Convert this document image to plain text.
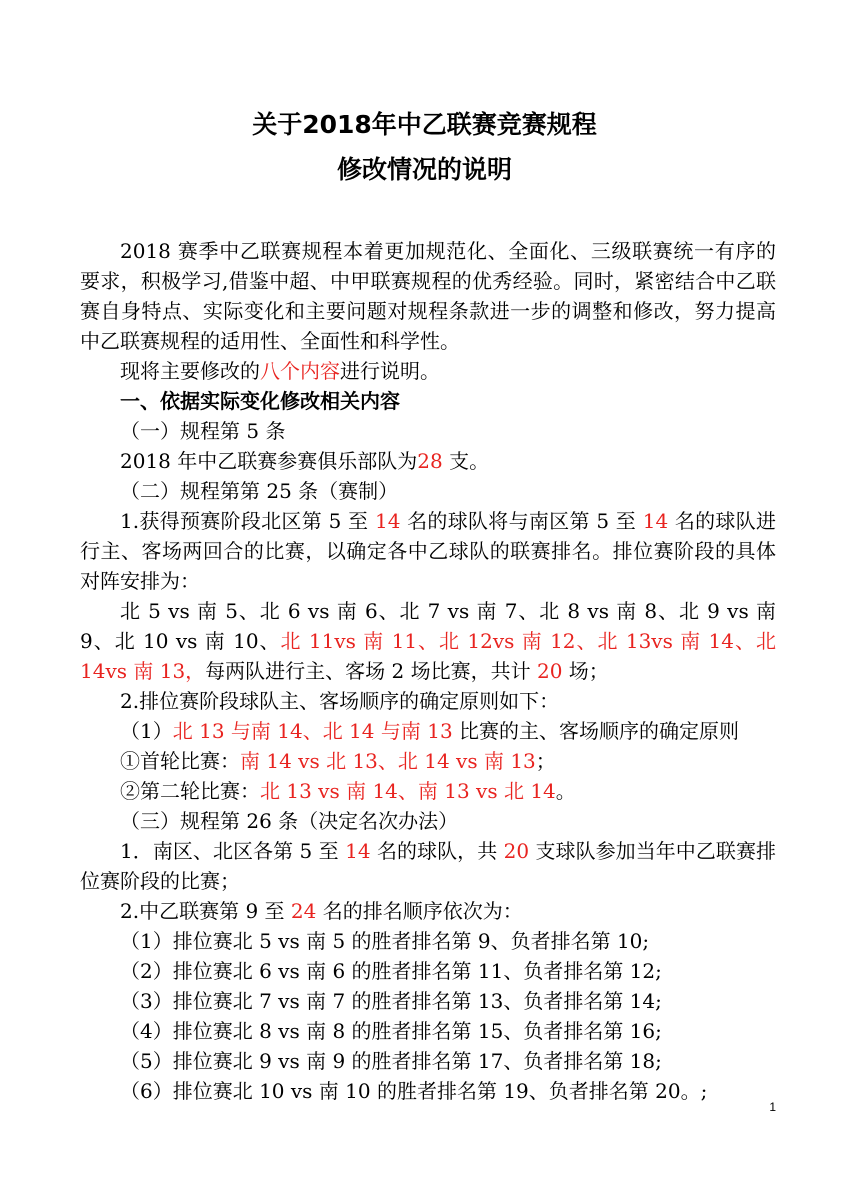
关于2018年中乙联赛竞赛规程
修改情况的说明

2018 赛季中乙联赛规程本着更加规范化、全面化、三级联赛统一有序的要求，积极学习,借鉴中超、中甲联赛规程的优秀经验。同时，紧密结合中乙联赛自身特点、实际变化和主要问题对规程条款进一步的调整和修改，努力提高中乙联赛规程的适用性、全面性和科学性。

现将主要修改的八个内容进行说明。

一、依据实际变化修改相关内容

（一）规程第 5 条

2018 年中乙联赛参赛俱乐部队为28 支。

（二）规程第第 25 条（赛制）

1.获得预赛阶段北区第 5 至 14 名的球队将与南区第 5 至 14 名的球队进行主、客场两回合的比赛，以确定各中乙球队的联赛排名。排位赛阶段的具体对阵安排为：

北 5 vs 南 5、北 6 vs 南 6、北 7 vs 南 7、北 8 vs 南 8、北 9 vs 南 9、北 10 vs 南 10、北 11vs 南 11、北 12vs 南 12、北 13vs 南 14、北 14vs 南 13，每两队进行主、客场 2 场比赛，共计 20 场；

2.排位赛阶段球队主、客场顺序的确定原则如下：

（1）北 13 与南 14、北 14 与南 13 比赛的主、客场顺序的确定原则

①首轮比赛：南 14 vs 北 13、北 14 vs 南 13；

②第二轮比赛：北 13 vs 南 14、南 13 vs 北 14。

（三）规程第 26 条（决定名次办法）

1．南区、北区各第 5 至 14 名的球队，共 20 支球队参加当年中乙联赛排位赛阶段的比赛；

2.中乙联赛第 9 至 24 名的排名顺序依次为：

（1）排位赛北 5 vs 南 5 的胜者排名第 9、负者排名第 10;

（2）排位赛北 6 vs 南 6 的胜者排名第 11、负者排名第 12;

（3）排位赛北 7 vs 南 7 的胜者排名第 13、负者排名第 14;

（4）排位赛北 8 vs 南 8 的胜者排名第 15、负者排名第 16;

（5）排位赛北 9 vs 南 9 的胜者排名第 17、负者排名第 18;

（6）排位赛北 10 vs 南 10 的胜者排名第 19、负者排名第 20。;

1
